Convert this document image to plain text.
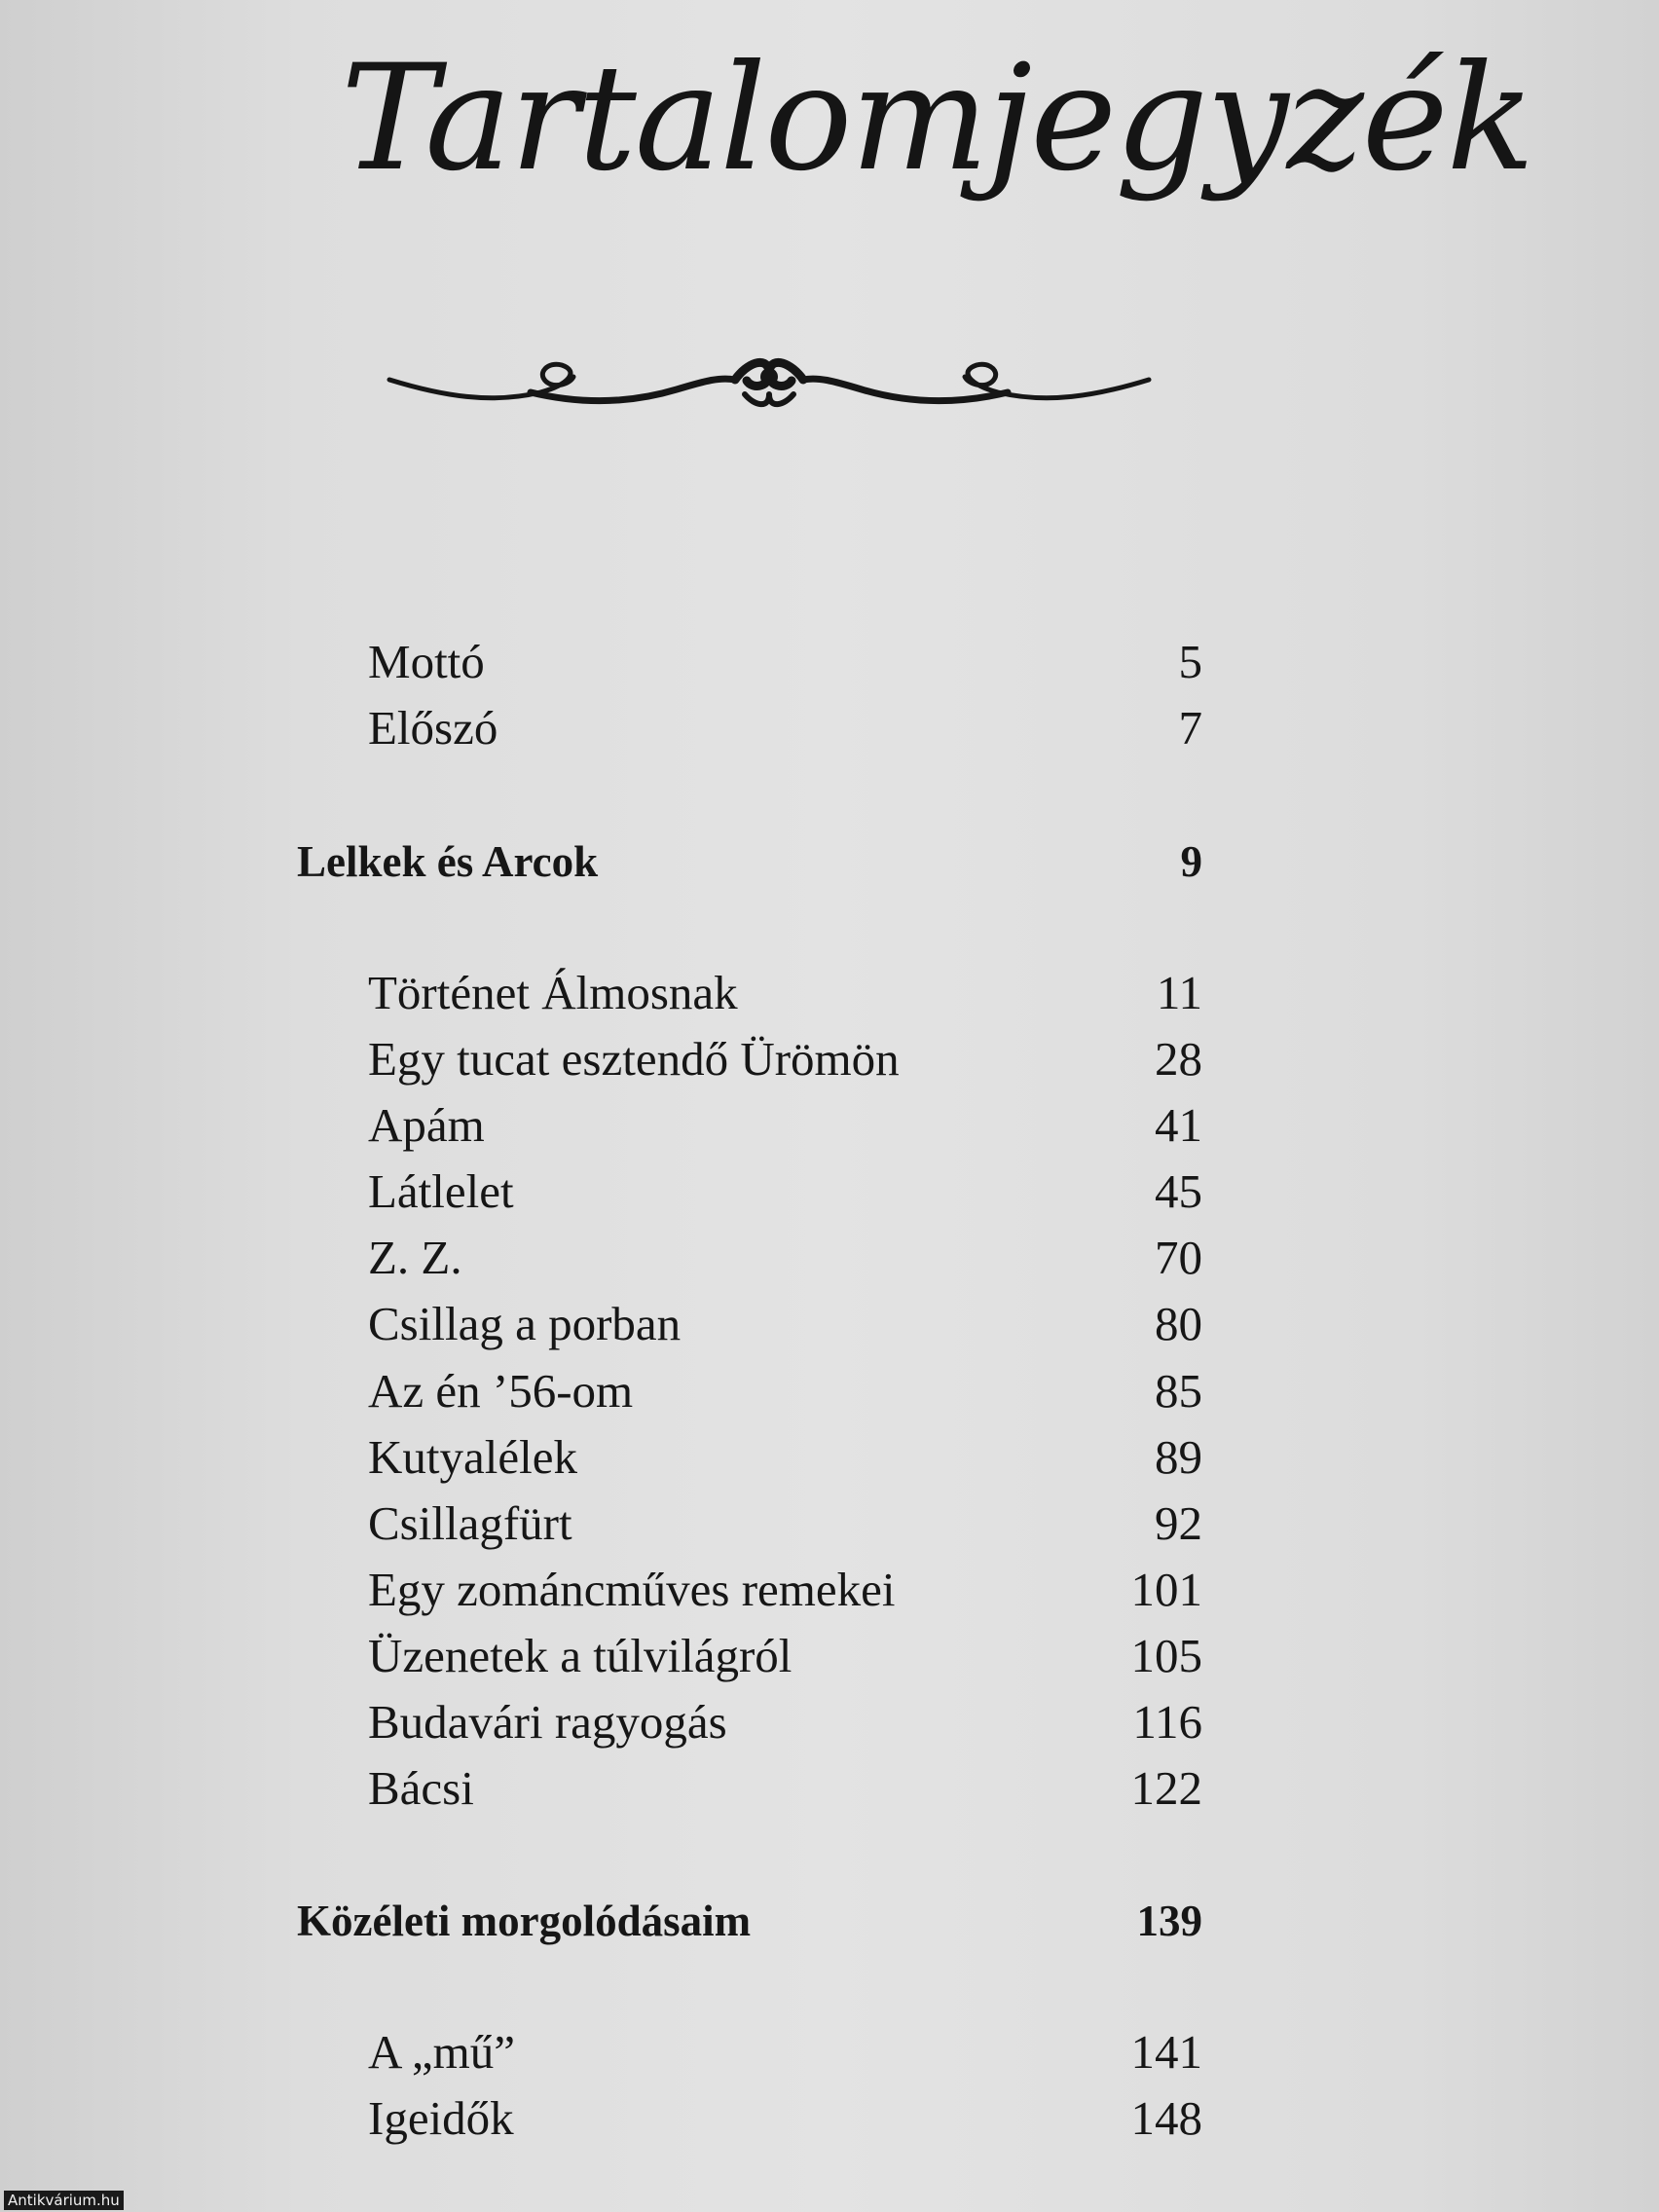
Tartalomjegyzék
Mottó	5
Előszó	7
Lelkek és Arcok	9
Történet Álmosnak	11
Egy tucat esztendő Ürömön	28
Apám	41
Látlelet	45
Z. Z.	70
Csillag a porban	80
Az én ’56-om	85
Kutyalélek	89
Csillagfürt	92
Egy zománcműves remekei	101
Üzenetek a túlvilágról	105
Budavári ragyogás	116
Bácsi	122
Közéleti morgolódásaim	139
A „mű”	141
Igeidők	148
Antikvárium.hu
